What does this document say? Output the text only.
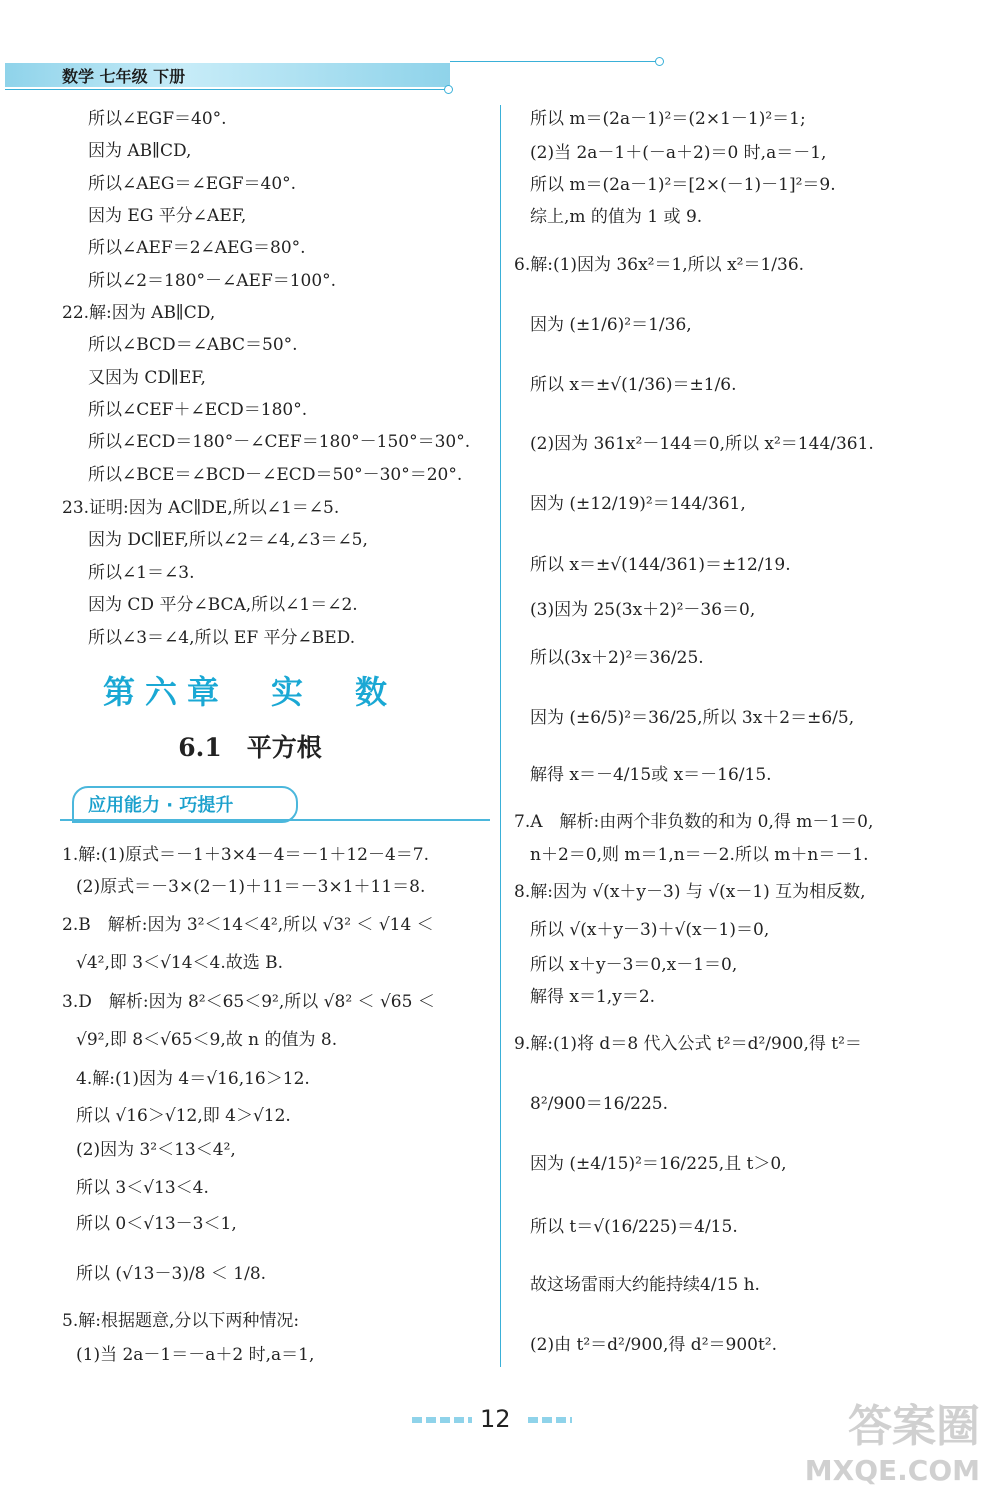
数学 七年级 下册
所以∠EGF＝40°.
因为 AB∥CD,
所以∠AEG＝∠EGF＝40°.
因为 EG 平分∠AEF,
所以∠AEF＝2∠AEG＝80°.
所以∠2＝180°－∠AEF＝100°.
22.解:因为 AB∥CD,
所以∠BCD＝∠ABC＝50°.
又因为 CD∥EF,
所以∠CEF＋∠ECD＝180°.
所以∠ECD＝180°－∠CEF＝180°－150°＝30°.
所以∠BCE＝∠BCD－∠ECD＝50°－30°＝20°.
23.证明:因为 AC∥DE,所以∠1＝∠5.
因为 DC∥EF,所以∠2＝∠4,∠3＝∠5,
所以∠1＝∠3.
因为 CD 平分∠BCA,所以∠1＝∠2.
所以∠3＝∠4,所以 EF 平分∠BED.
第六章　实　数
6.1　平方根
应用能力 · 巧提升
1.解:(1)原式＝－1＋3×4－4＝－1＋12－4＝7.
(2)原式＝－3×(2－1)＋11＝－3×1＋11＝8.
2.B　解析:因为 3²＜14＜4²,所以 √3² ＜ √14 ＜
√4²,即 3＜√14＜4.故选 B.
3.D　解析:因为 8²＜65＜9²,所以 √8² ＜ √65 ＜
√9²,即 8＜√65＜9,故 n 的值为 8.
4.解:(1)因为 4＝√16,16＞12.
所以 √16＞√12,即 4＞√12.
(2)因为 3²＜13＜4²,
所以 3＜√13＜4.
所以 0＜√13－3＜1,
所以 (√13－3)/8 ＜ 1/8.
5.解:根据题意,分以下两种情况:
(1)当 2a－1＝－a＋2 时,a＝1,
所以 m＝(2a－1)²＝(2×1－1)²＝1;
(2)当 2a－1＋(－a＋2)＝0 时,a＝－1,
所以 m＝(2a－1)²＝[2×(－1)－1]²＝9.
综上,m 的值为 1 或 9.
6.解:(1)因为 36x²＝1,所以 x²＝1/36.
因为 (±1/6)²＝1/36,
所以 x＝±√(1/36)＝±1/6.
(2)因为 361x²－144＝0,所以 x²＝144/361.
因为 (±12/19)²＝144/361,
所以 x＝±√(144/361)＝±12/19.
(3)因为 25(3x＋2)²－36＝0,
所以(3x＋2)²＝36/25.
因为 (±6/5)²＝36/25,所以 3x＋2＝±6/5,
解得 x＝－4/15或 x＝－16/15.
7.A　解析:由两个非负数的和为 0,得 m－1＝0,
n＋2＝0,则 m＝1,n＝－2.所以 m＋n＝－1.
8.解:因为 √(x＋y－3) 与 √(x－1) 互为相反数,
所以 √(x＋y－3)＋√(x－1)＝0,
所以 x＋y－3＝0,x－1＝0,
解得 x＝1,y＝2.
9.解:(1)将 d＝8 代入公式 t²＝d²/900,得 t²＝
8²/900＝16/225.
因为 (±4/15)²＝16/225,且 t＞0,
所以 t＝√(16/225)＝4/15.
故这场雷雨大约能持续4/15 h.
(2)由 t²＝d²/900,得 d²＝900t².
12	答案圈
MXQE.COM
